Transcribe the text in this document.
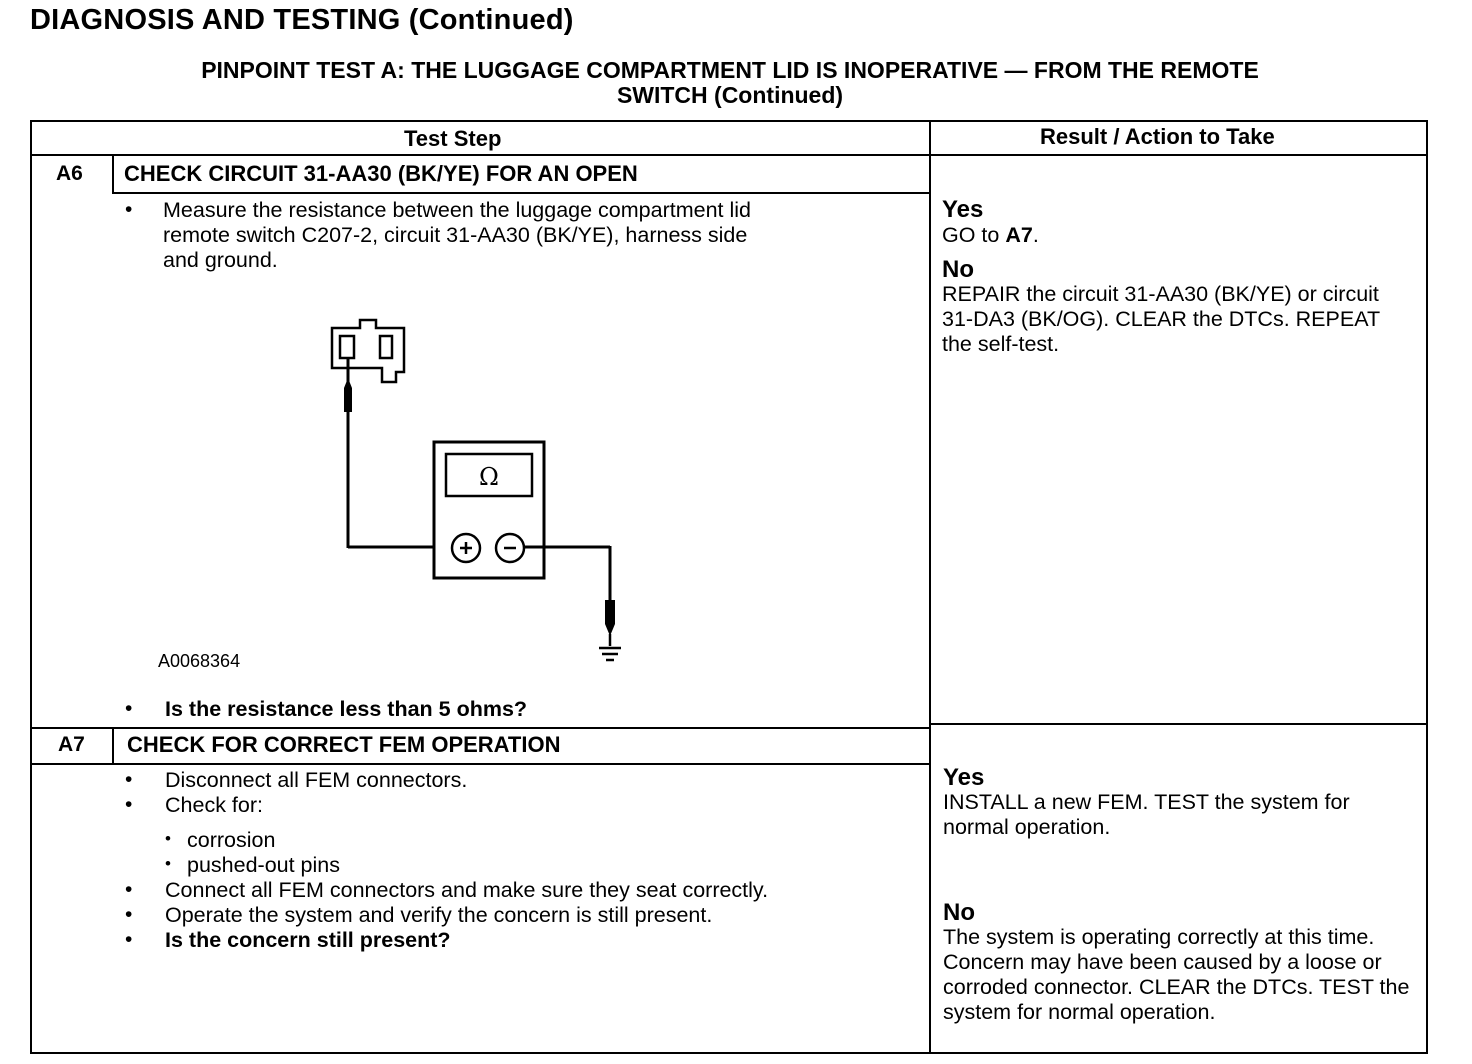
DIAGNOSIS AND TESTING (Continued)
PINPOINT TEST A: THE LUGGAGE COMPARTMENT LID IS INOPERATIVE — FROM THE REMOTE
SWITCH (Continued)
Test Step	Result / Action to Take
A6 CHECK CIRCUIT 31-AA30 (BK/YE) FOR AN OPEN
• Measure the resistance between the luggage compartment lid
remote switch C207-2, circuit 31-AA30 (BK/YE), harness side
and ground.
Ω
A0068364
• Is the resistance less than 5 ohms?
Yes
GO to A7.
No
REPAIR the circuit 31-AA30 (BK/YE) or circuit 31-DA3 (BK/OG). CLEAR the DTCs. REPEAT the self-test.
A7 CHECK FOR CORRECT FEM OPERATION
• Disconnect all FEM connectors.
• Check for:
• corrosion
• pushed-out pins
• Connect all FEM connectors and make sure they seat correctly.
• Operate the system and verify the concern is still present.
• Is the concern still present?
Yes
INSTALL a new FEM. TEST the system for normal operation.
No
The system is operating correctly at this time. Concern may have been caused by a loose or corroded connector. CLEAR the DTCs. TEST the system for normal operation.
